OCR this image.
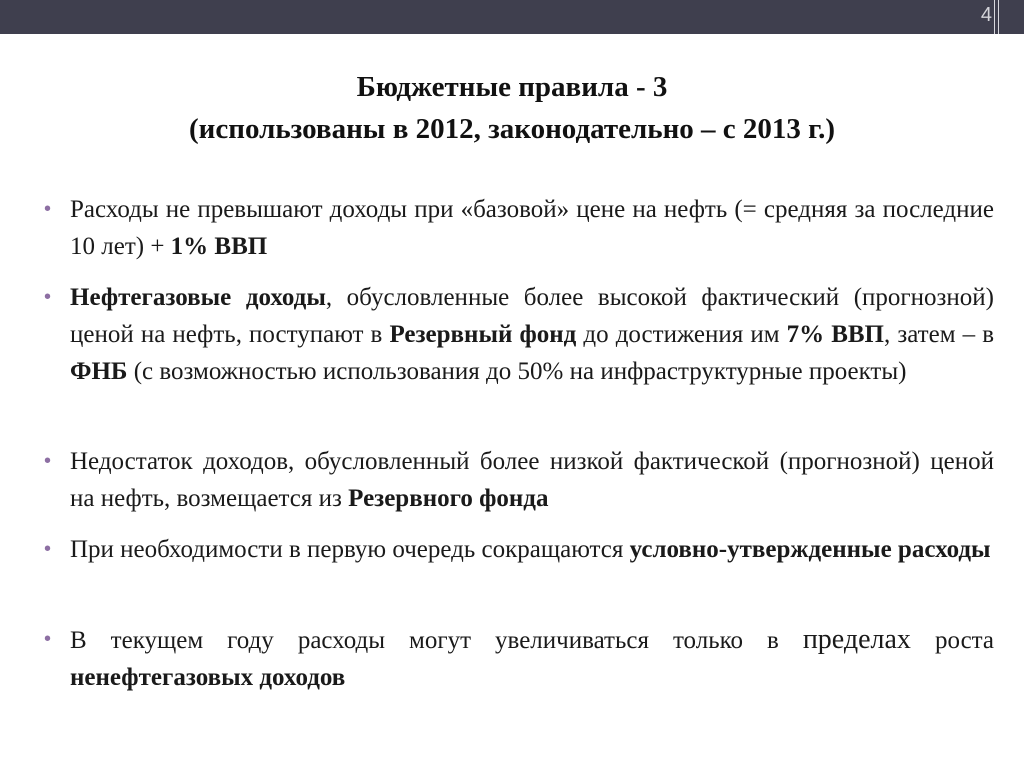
4
Бюджетные правила - 3
(использованы в 2012, законодательно – с 2013 г.)
• Расходы не превышают доходы при «базовой» цене на нефть (= средняя за последние 10 лет) + 1% ВВП
• Нефтегазовые доходы, обусловленные более высокой фактический (прогнозной) ценой на нефть, поступают в Резервный фонд до достижения им 7% ВВП, затем – в ФНБ (с возможностью использования до 50% на инфраструктурные проекты)
• Недостаток доходов, обусловленный более низкой фактической (прогнозной) ценой на нефть, возмещается из Резервного фонда
• При необходимости в первую очередь сокращаются условно-утвержденные расходы
• В текущем году расходы могут увеличиваться только в пределах роста ненефтегазовых доходов
